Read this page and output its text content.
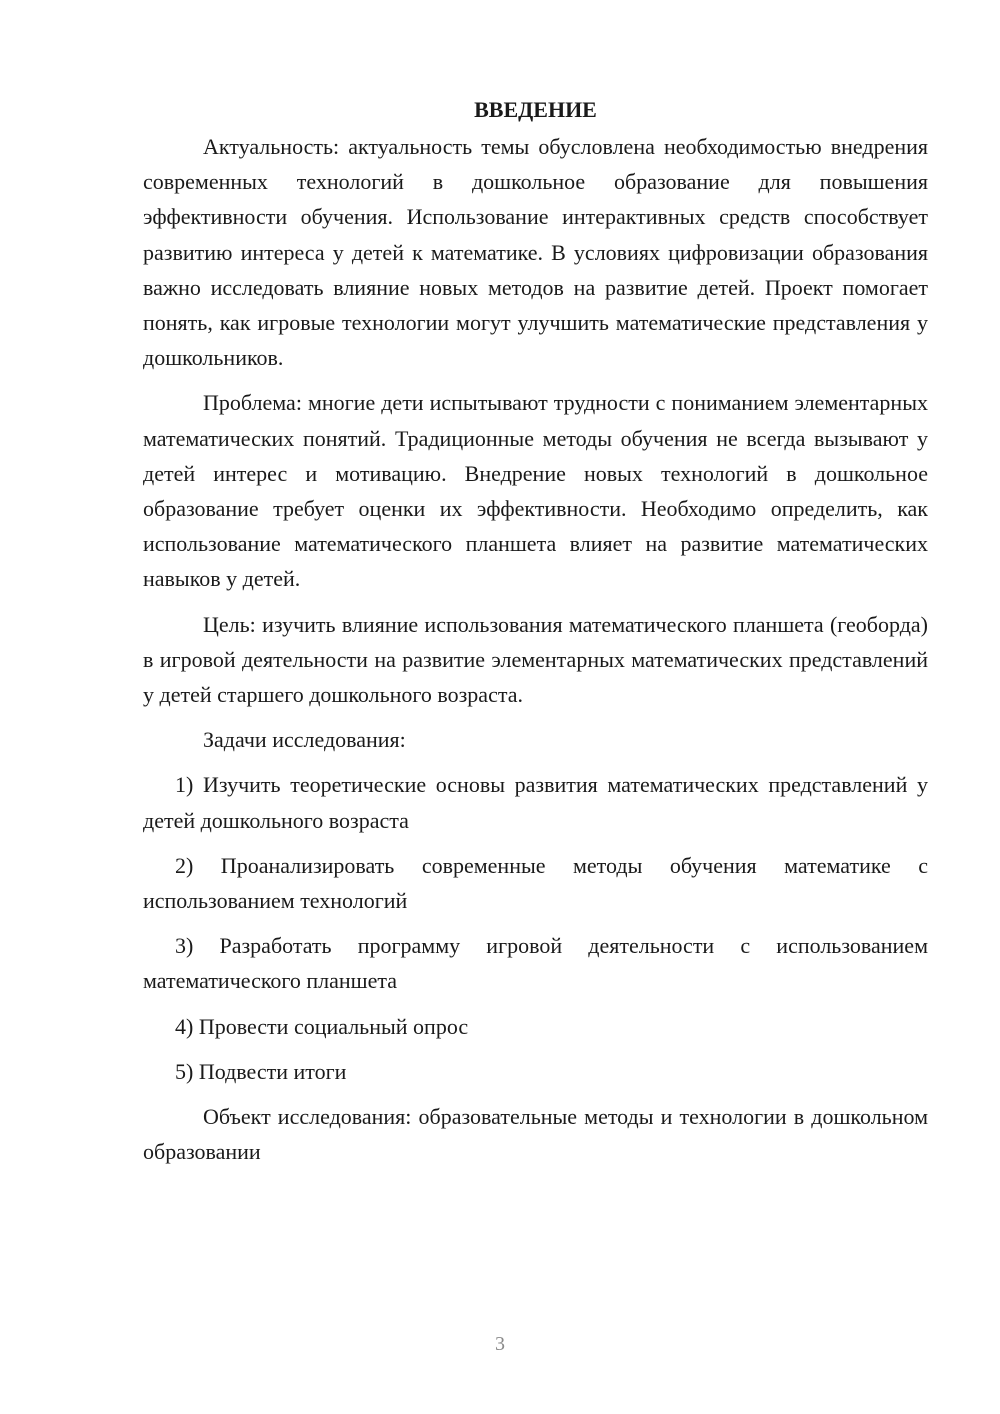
ВВЕДЕНИЕ

Актуальность: актуальность темы обусловлена необходимостью внедрения современных технологий в дошкольное образование для повышения эффективности обучения. Использование интерактивных средств способствует развитию интереса у детей к математике. В условиях цифровизации образования важно исследовать влияние новых методов на развитие детей. Проект помогает понять, как игровые технологии могут улучшить математические представления у дошкольников.

Проблема: многие дети испытывают трудности с пониманием элементарных математических понятий. Традиционные методы обучения не всегда вызывают у детей интерес и мотивацию. Внедрение новых технологий в дошкольное образование требует оценки их эффективности. Необходимо определить, как использование математического планшета влияет на развитие математических навыков у детей.

Цель: изучить влияние использования математического планшета (геоборда) в игровой деятельности на развитие элементарных математических представлений у детей старшего дошкольного возраста.

Задачи исследования:

1) Изучить теоретические основы развития математических представлений у детей дошкольного возраста

2) Проанализировать современные методы обучения математике с использованием технологий

3) Разработать программу игровой деятельности с использованием математического планшета

4) Провести социальный опрос

5) Подвести итоги

Объект исследования: образовательные методы и технологии в дошкольном образовании

3
